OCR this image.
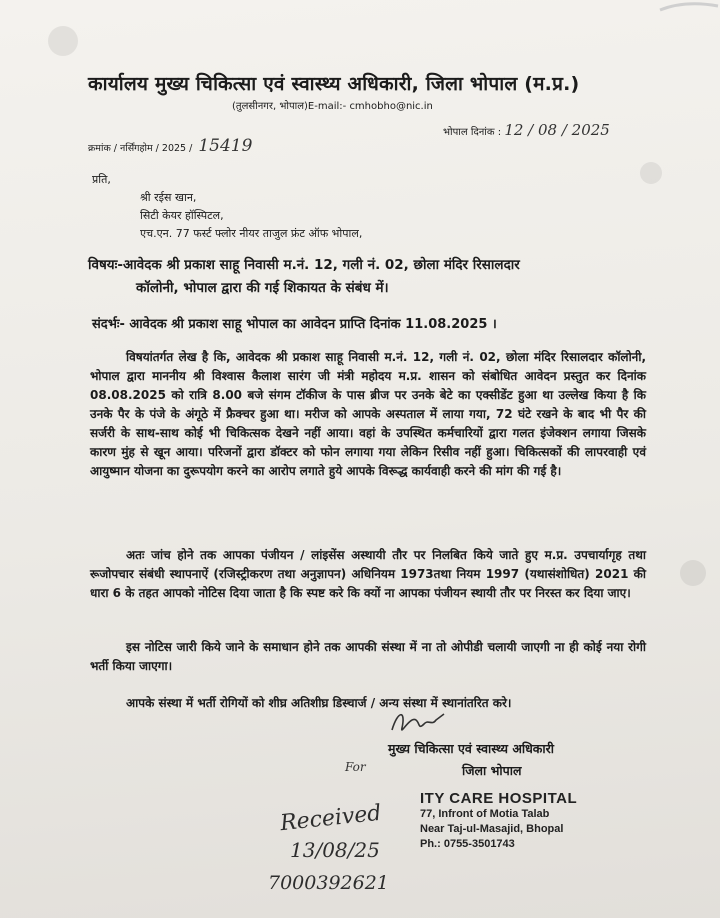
कार्यालय मुख्य चिकित्सा एवं स्वास्थ्य अधिकारी, जिला भोपाल (म.प्र.)
(तुलसीनगर, भोपाल)E-mail:- cmhobho@nic.in
क्रमांक / नर्सिंगहोम / 2025 / 15419
भोपाल दिनांक : 12 / 08 / 2025
प्रति,
श्री रईस खान,
सिटी केयर हॉस्पिटल,
एच.एन. 77 फर्स्ट फ्लोर नीयर ताजुल फ्रंट ऑफ भोपाल,
विषयः-आवेदक श्री प्रकाश साहू निवासी म.नं. 12, गली नं. 02, छोला मंदिर रिसालदार
कॉलोनी, भोपाल द्वारा की गई शिकायत के संबंध में।
संदर्भः- आवेदक श्री प्रकाश साहू भोपाल का आवेदन प्राप्ति दिनांक 11.08.2025 ।
विषयांतर्गत लेख है कि, आवेदक श्री प्रकाश साहू निवासी म.नं. 12, गली नं. 02, छोला मंदिर रिसालदार कॉलोनी, भोपाल द्वारा माननीय श्री विश्वास कैलाश सारंग जी मंत्री महोदय म.प्र. शासन को संबोधित आवेदन प्रस्तुत कर दिनांक 08.08.2025 को रात्रि 8.00 बजे संगम टॉकीज के पास ब्रीज पर उनके बेटे का एक्सीडेंट हुआ था उल्लेख किया है कि उनके पैर के पंजे के अंगूठे में फ्रैक्चर हुआ था। मरीज को आपके अस्पताल में लाया गया, 72 घंटे रखने के बाद भी पैर की सर्जरी के साथ-साथ कोई भी चिकित्सक देखने नहीं आया। वहां के उपस्थित कर्मचारियों द्वारा गलत इंजेक्शन लगाया जिसके कारण मुंह से खून आया। परिजनों द्वारा डॉक्टर को फोन लगाया गया लेकिन रिसीव नहीं हुआ। चिकित्सकों की लापरवाही एवं आयुष्मान योजना का दुरूपयोग करने का आरोप लगाते हुये आपके विरूद्ध कार्यवाही करने की मांग की गई है।
अतः जांच होने तक आपका पंजीयन / लांइसेंस अस्थायी तौर पर निलबित किये जाते हुए म.प्र. उपचार्यागृह तथा रूजोपचार संबंधी स्थापनाऐं (रजिस्ट्रीकरण तथा अनुज्ञापन) अधिनियम 1973तथा नियम 1997 (यथासंशोधित) 2021 की धारा 6 के तहत आपको नोटिस दिया जाता है कि स्पष्ट करे कि क्यों ना आपका पंजीयन स्थायी तौर पर निरस्त कर दिया जाए।
इस नोटिस जारी किये जाने के समाधान होने तक आपकी संस्था में ना तो ओपीडी चलायी जाएगी ना ही कोई नया रोगी भर्ती किया जाएगा।
आपके संस्था में भर्ती रोगियों को शीघ्र अतिशीघ्र डिस्चार्ज / अन्य संस्था में स्थानांतरित करे।
For
मुख्य चिकित्सा एवं स्वास्थ्य अधिकारी
जिला भोपाल
ITY CARE HOSPITAL
77, Infront of Motia Talab
Near Taj-ul-Masajid, Bhopal
Ph.: 0755-3501743
Received
13/08/25
7000392621
